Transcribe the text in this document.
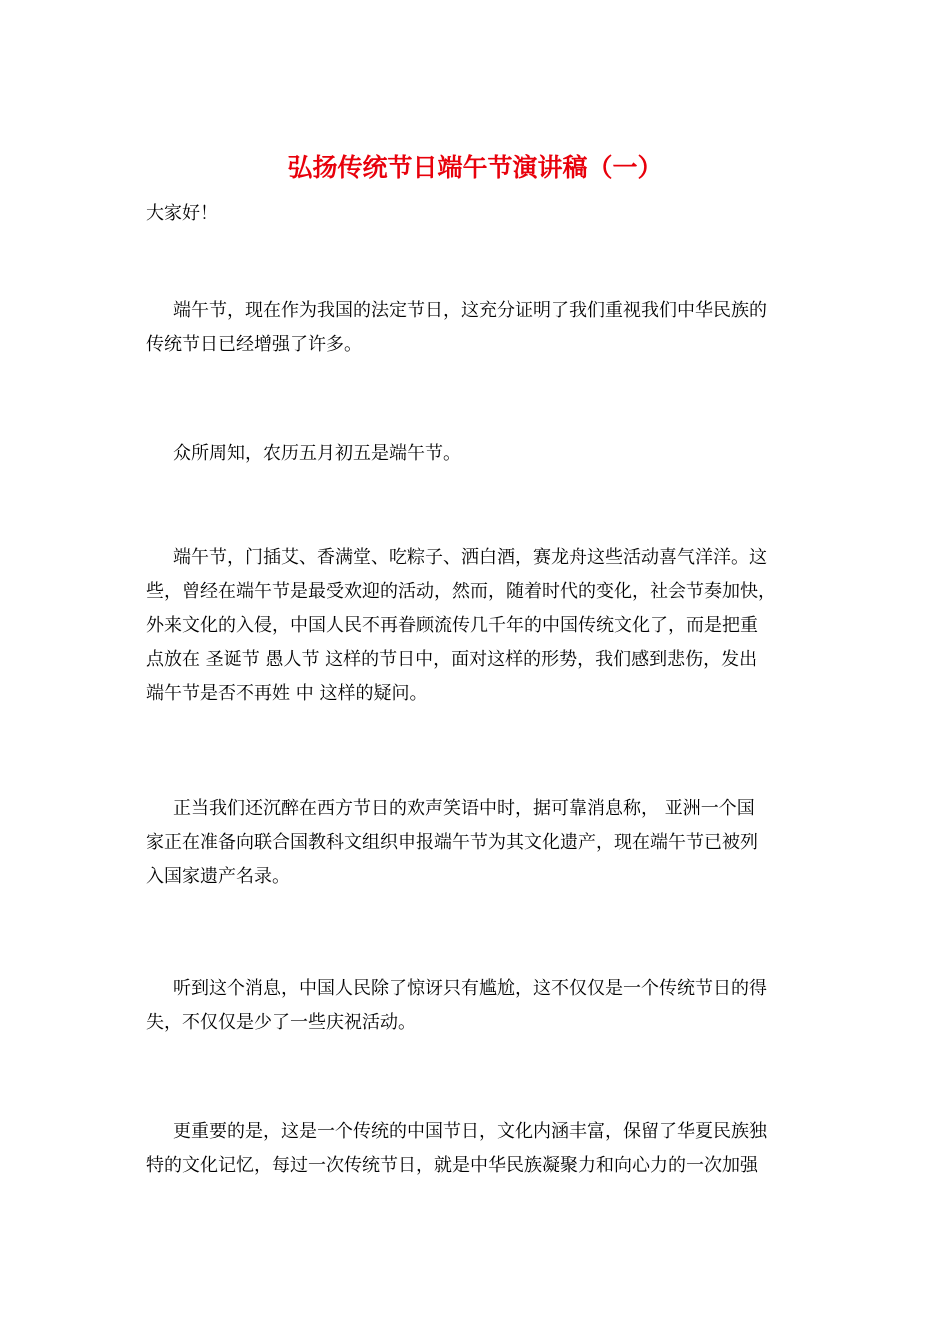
弘扬传统节日端午节演讲稿（一）
大家好！
端午节，现在作为我国的法定节日，这充分证明了我们重视我们中华民族的
传统节日已经增强了许多。
众所周知，农历五月初五是端午节。
端午节，门插艾、香满堂、吃粽子、洒白酒，赛龙舟这些活动喜气洋洋。这
些，曾经在端午节是最受欢迎的活动，然而，随着时代的变化，社会节奏加快，
外来文化的入侵，中国人民不再眷顾流传几千年的中国传统文化了，而是把重
点放在 圣诞节 愚人节 这样的节日中，面对这样的形势，我们感到悲伤，发出
端午节是否不再姓 中 这样的疑问。
正当我们还沉醉在西方节日的欢声笑语中时，据可靠消息称， 亚洲一个国
家正在准备向联合国教科文组织申报端午节为其文化遗产，现在端午节已被列
入国家遗产名录。
听到这个消息，中国人民除了惊讶只有尴尬，这不仅仅是一个传统节日的得
失，不仅仅是少了一些庆祝活动。
更重要的是，这是一个传统的中国节日，文化内涵丰富，保留了华夏民族独
特的文化记忆，每过一次传统节日，就是中华民族凝聚力和向心力的一次加强
